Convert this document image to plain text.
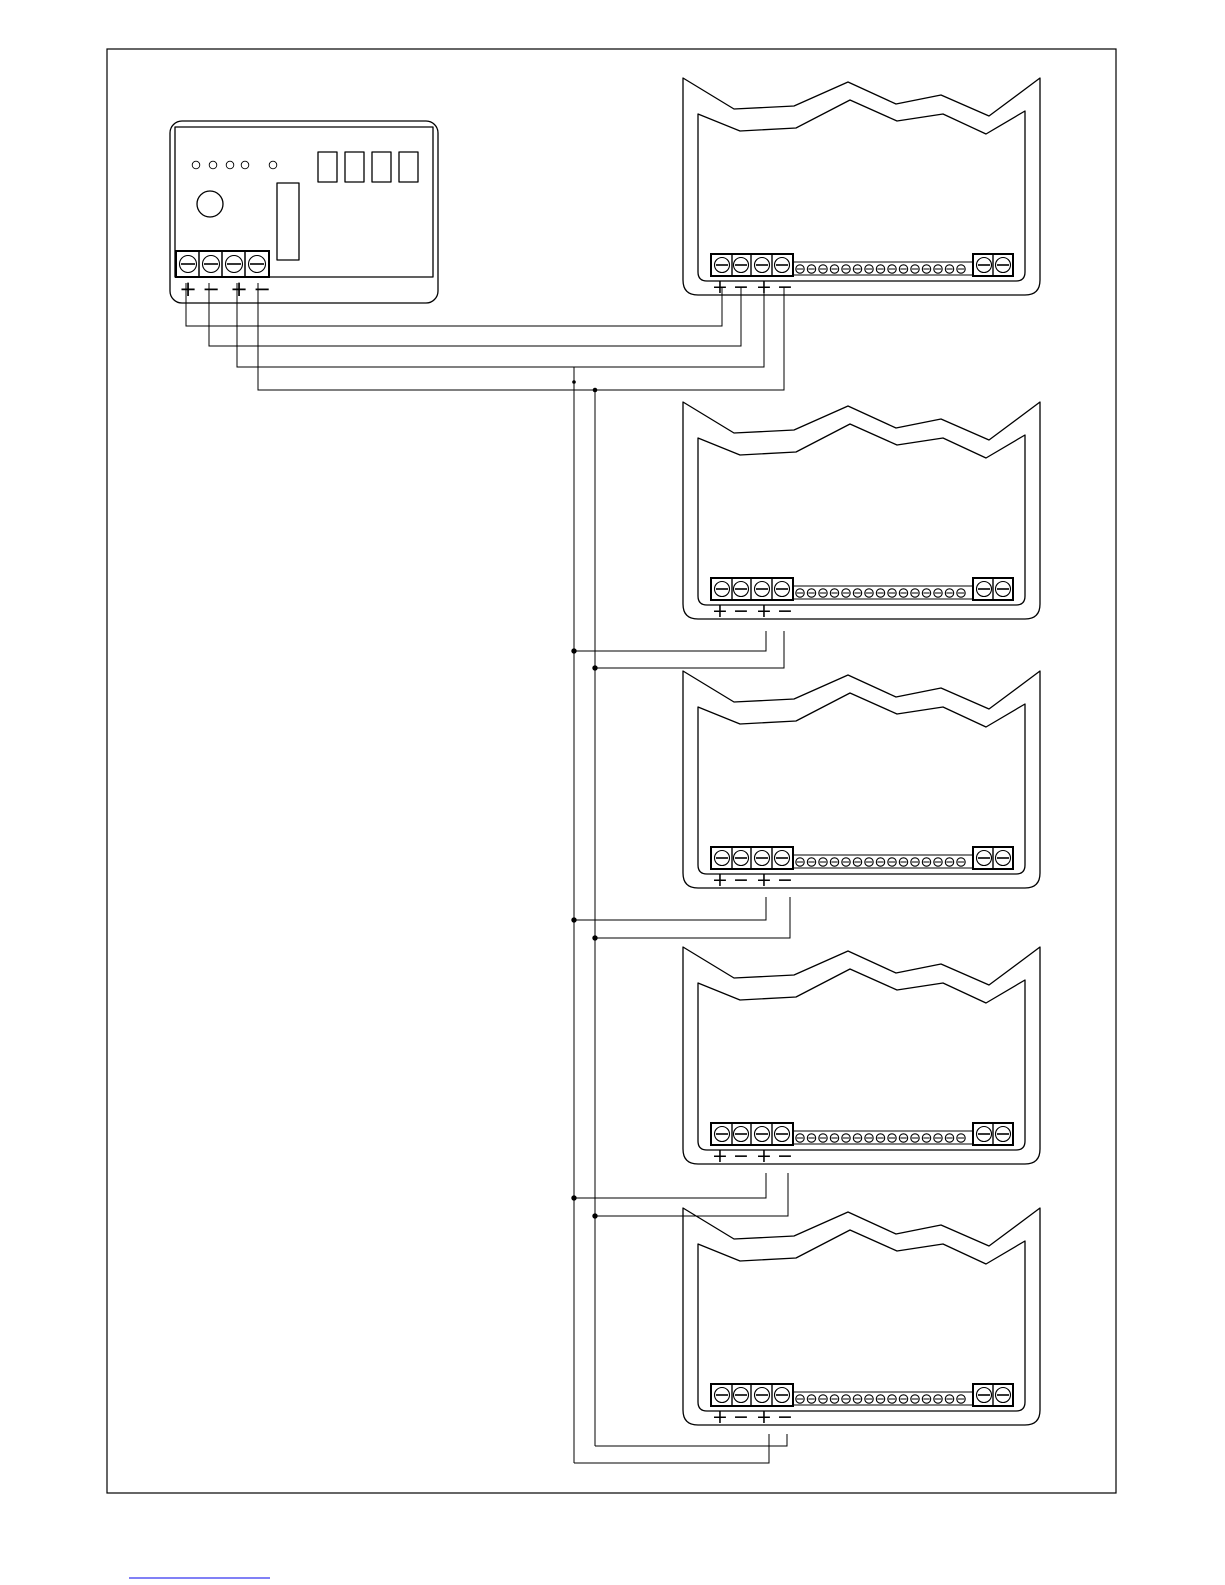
+ − + −	+ − + −
+ − + −
+ − + −
+ − + −
+ − + −
